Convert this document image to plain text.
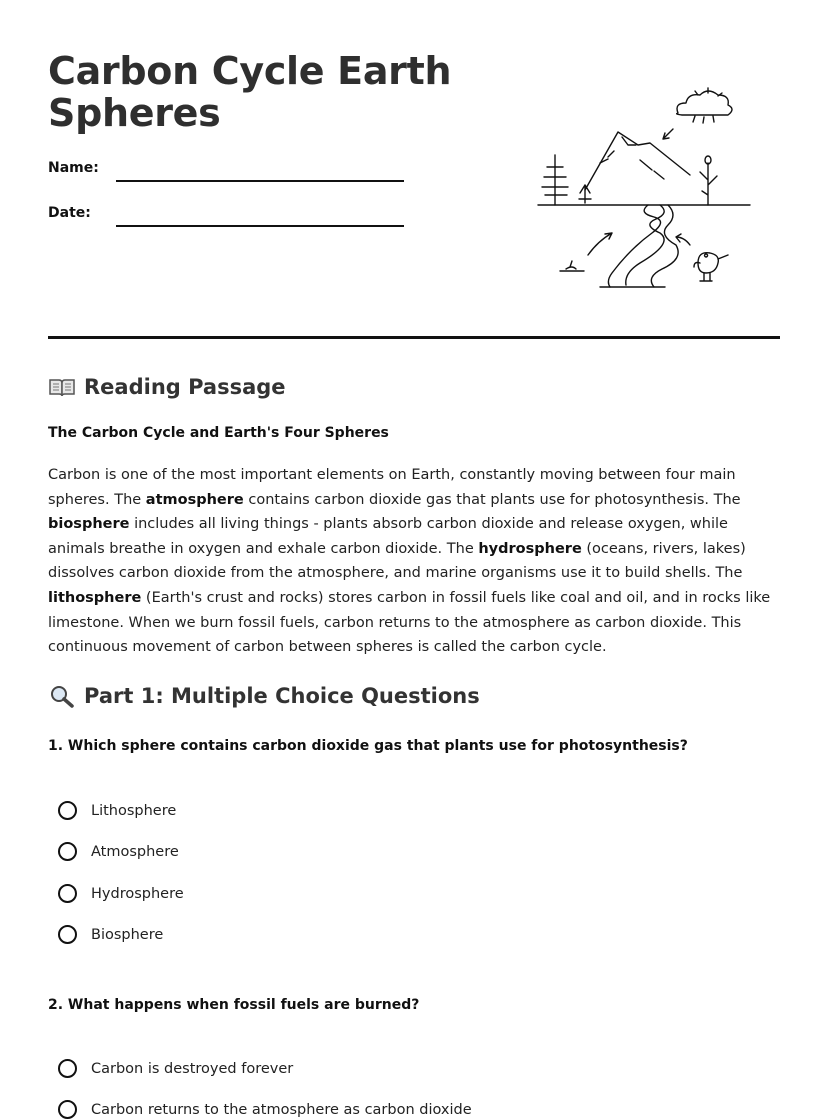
Carbon Cycle Earth Spheres
Name:
Date:
Reading Passage

The Carbon Cycle and Earth's Four Spheres

Carbon is one of the most important elements on Earth, constantly moving between four main spheres. The atmosphere contains carbon dioxide gas that plants use for photosynthesis. The biosphere includes all living things - plants absorb carbon dioxide and release oxygen, while animals breathe in oxygen and exhale carbon dioxide. The hydrosphere (oceans, rivers, lakes) dissolves carbon dioxide from the atmosphere, and marine organisms use it to build shells. The lithosphere (Earth's crust and rocks) stores carbon in fossil fuels like coal and oil, and in rocks like limestone. When we burn fossil fuels, carbon returns to the atmosphere as carbon dioxide. This continuous movement of carbon between spheres is called the carbon cycle.

Part 1: Multiple Choice Questions

1. Which sphere contains carbon dioxide gas that plants use for photosynthesis?

Lithosphere
Atmosphere
Hydrosphere
Biosphere

2. What happens when fossil fuels are burned?

Carbon is destroyed forever
Carbon returns to the atmosphere as carbon dioxide
